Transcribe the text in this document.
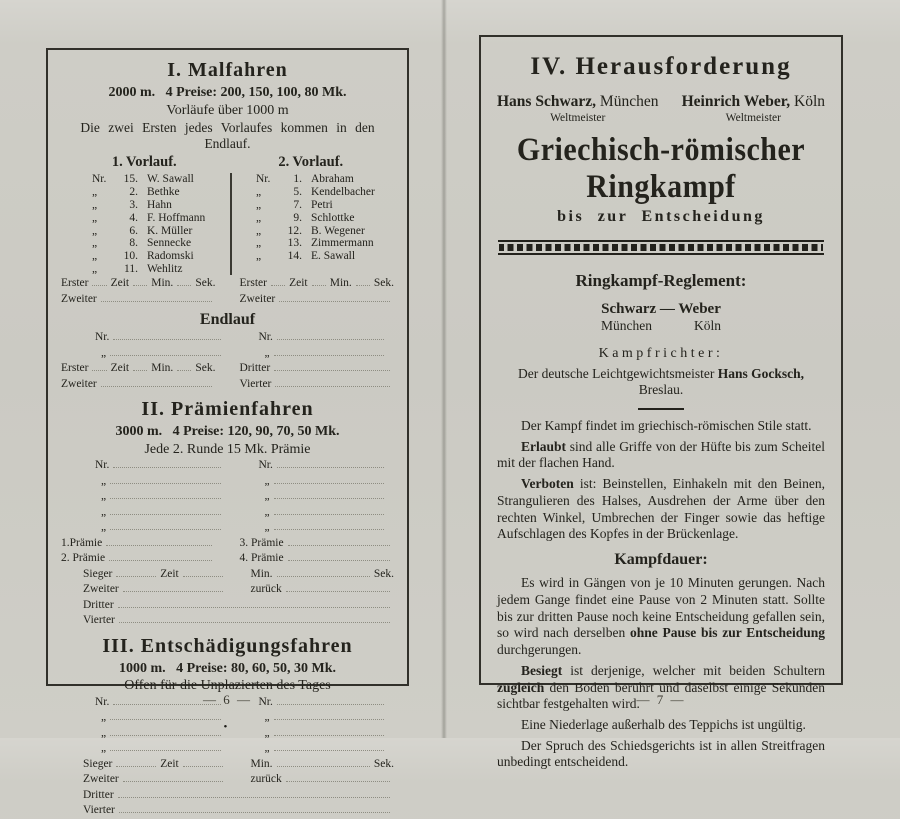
I. Malfahren
2000 m.   4 Preise: 200, 150, 100, 80 Mk.
Vorläufe über 1000 m
Die zwei Ersten jedes Vorlaufes kommen in den Endlauf.
1. Vorlauf.	2. Vorlauf.
Nr. 15. W. Sawall
„	2. Bethke
„	3. Hahn
„	4. F. Hoffmann
„	6. K. Müller
„	8. Sennecke
„ 10. Radomski
„ 11. Wehlitz
Nr. 1. Abraham
„	5. Kendelbacher
„	7. Petri
„	9. Schlottke
„ 12. B. Wegener
„ 13. Zimmermann
„ 14. E. Sawall
Erster Zeit Min. Sek.
Zweiter
Erster Zeit Min. Sek.
Zweiter
Endlauf
Nr.
„
Nr.
„
Erster Zeit Min. Sek.
Zweiter
Dritter
Vierter
II. Prämienfahren
3000 m.   4 Preise: 120, 90, 70, 50 Mk.
Jede 2. Runde 15 Mk. Prämie
Nr.
„
„
„
„
Nr.
„
„
„
„
1.Prämie
2. Prämie
3. Prämie
4. Prämie
Sieger	Zeit
Zweiter
Min.	Sek.
zurück
Dritter
Vierter
III. Entschädigungsfahren
1000 m.   4 Preise: 80, 60, 50, 30 Mk.
Offen für die Unplazierten des Tages
•
Nr.
„
„
„
Nr.
„
„
„
Sieger	Zeit
Zweiter
Min.	Sek.
zurück
Dritter
Vierter
— 6 —
IV. Herausforderung
Hans Schwarz, München
Weltmeister
Heinrich Weber, Köln
Weltmeister
Griechisch-römischer Ringkampf
bis zur Entscheidung
Ringkampf-Reglement:
Schwarz — Weber
München	Köln
Kampfrichter:
Der deutsche Leichtgewichtsmeister Hans Gocksch, Breslau.

Der Kampf findet im griechisch-römischen Stile statt.

Erlaubt sind alle Griffe von der Hüfte bis zum Scheitel mit der flachen Hand.

Verboten ist: Beinstellen, Einhakeln mit den Beinen, Strangulieren des Halses, Ausdrehen der Arme über den rechten Winkel, Umbrechen der Finger sowie das heftige Aufschlagen des Kopfes in der Brückenlage.

Kampfdauer:

Es wird in Gängen von je 10 Minuten gerungen. Nach jedem Gange findet eine Pause von 2 Minuten statt. Sollte bis zur dritten Pause noch keine Entscheidung gefallen sein, so wird nach derselben ohne Pause bis zur Entscheidung durchgerungen.

Besiegt ist derjenige, welcher mit beiden Schultern zugleich den Boden berührt und daselbst einige Sekunden sichtbar festgehalten wird.

Eine Niederlage außerhalb des Teppichs ist ungültig.

Der Spruch des Schiedsgerichts ist in allen Streitfragen unbedingt entscheidend.

— 7 —
